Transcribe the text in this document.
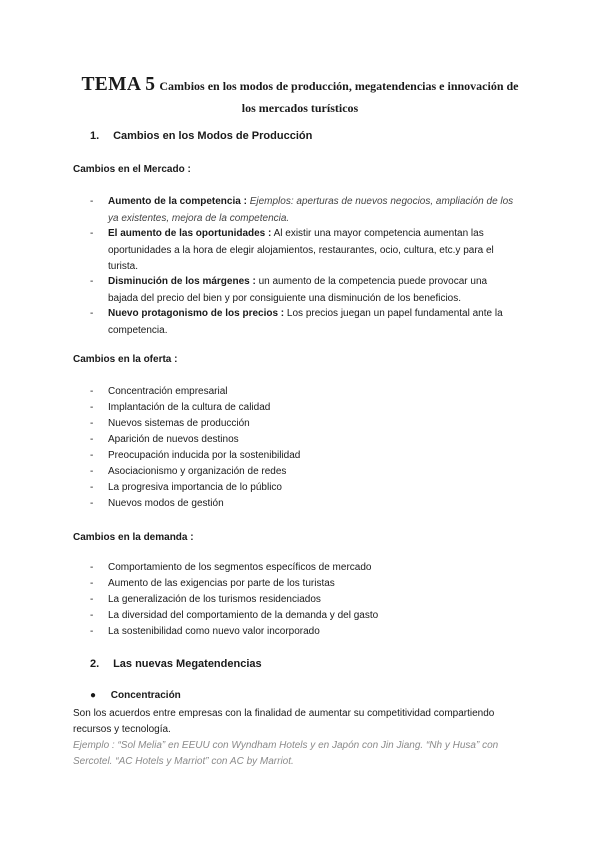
TEMA 5 Cambios en los modos de producción, megatendencias e innovación de
los mercados turísticos
1. Cambios en los Modos de Producción
Cambios en el Mercado :
- Aumento de la competencia : Ejemplos: aperturas de nuevos negocios, ampliación de los
ya existentes, mejora de la competencia.
- El aumento de las oportunidades : Al existir una mayor competencia aumentan las
oportunidades a la hora de elegir alojamientos, restaurantes, ocio, cultura, etc.y para el
turista.
- Disminución de los márgenes : un aumento de la competencia puede provocar una
bajada del precio del bien y por consiguiente una disminución de los beneficios.
- Nuevo protagonismo de los precios : Los precios juegan un papel fundamental ante la
competencia.
Cambios en la oferta :
- Concentración empresarial
- Implantación de la cultura de calidad
- Nuevos sistemas de producción
- Aparición de nuevos destinos
- Preocupación inducida por la sostenibilidad
- Asociacionismo y organización de redes
- La progresiva importancia de lo público
- Nuevos modos de gestión
Cambios en la demanda :
- Comportamiento de los segmentos específicos de mercado
- Aumento de las exigencias por parte de los turistas
- La generalización de los turismos residenciados
- La diversidad del comportamiento de la demanda y del gasto
- La sostenibilidad como nuevo valor incorporado
2. Las nuevas Megatendencias
● Concentración
Son los acuerdos entre empresas con la finalidad de aumentar su competitividad compartiendo
recursos y tecnología.
Ejemplo : “Sol Melia” en EEUU con Wyndham Hotels y en Japón con Jin Jiang. “Nh y Husa” con
Sercotel. “AC Hotels y Marriot” con AC by Marriot.
